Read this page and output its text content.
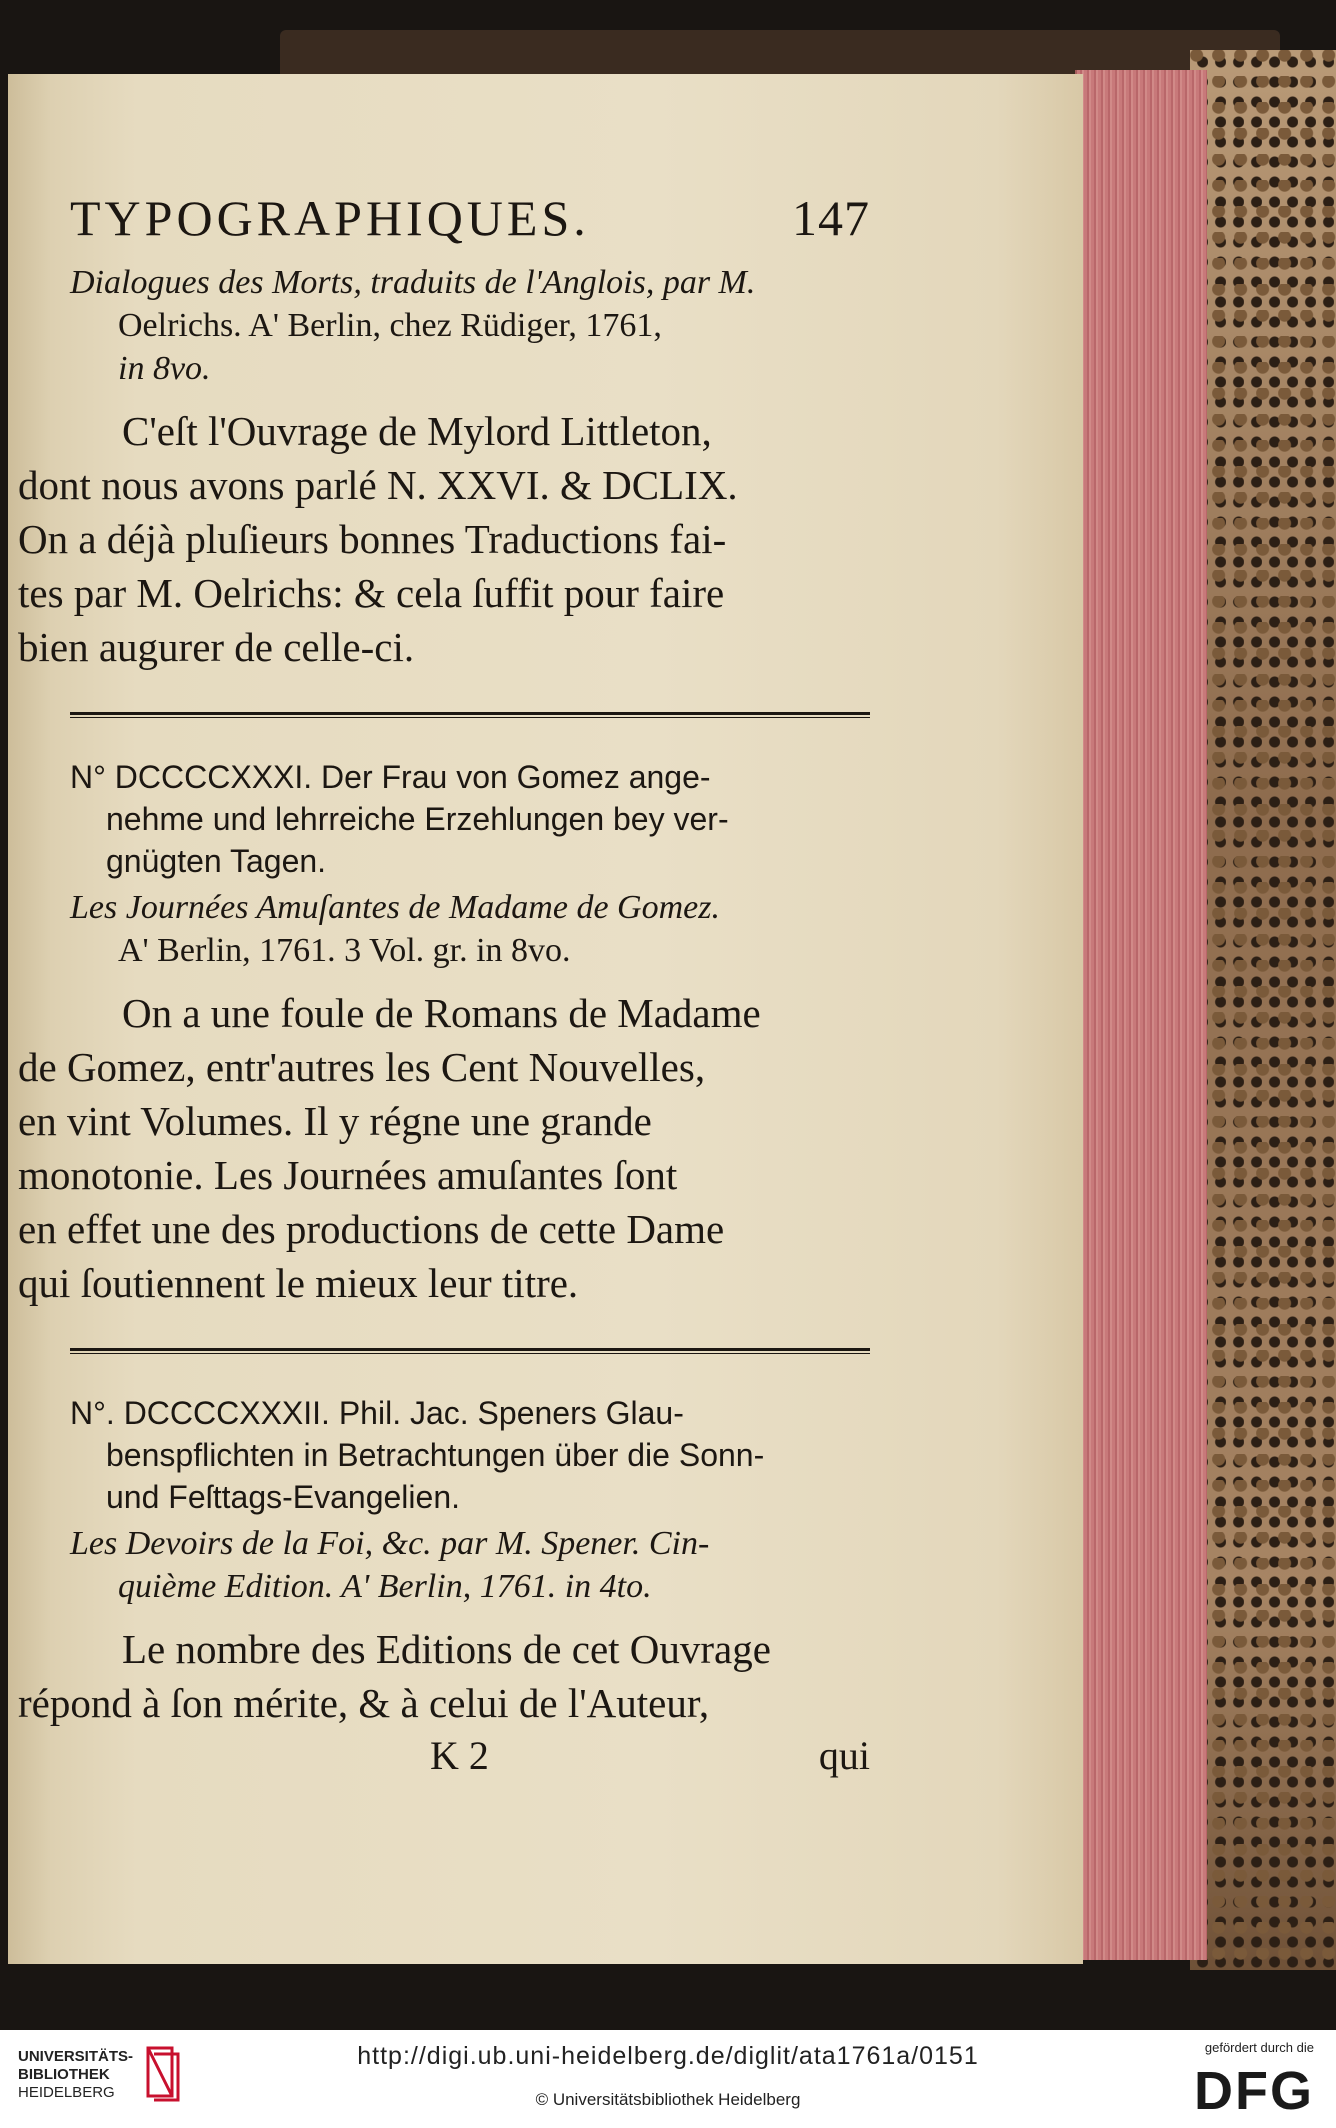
TYPOGRAPHIQUES.	147

Dialogues des Morts, traduits de l'Anglois, par M.
Oelrichs. A' Berlin, chez Rüdiger, 1761,
in 8vo.

C'eſt l'Ouvrage de Mylord Littleton,
dont nous avons parlé N. XXVI. & DCLIX.
On a déjà pluſieurs bonnes Traductions fai-
tes par M. Oelrichs: & cela ſuffit pour faire
bien augurer de celle-ci.

N° DCCCCXXXI. Der Frau von Gomez ange-
nehme und lehrreiche Erzehlungen bey ver-
gnügten Tagen.

Les Journées Amuſantes de Madame de Gomez.
A' Berlin, 1761. 3 Vol. gr. in 8vo.

On a une foule de Romans de Madame
de Gomez, entr'autres les Cent Nouvelles,
en vint Volumes. Il y régne une grande
monotonie. Les Journées amuſantes ſont
en effet une des productions de cette Dame
qui ſoutiennent le mieux leur titre.

N°. DCCCCXXXII. Phil. Jac. Speners Glau-
benspflichten in Betrachtungen über die Sonn-
und Feſttags-Evangelien.

Les Devoirs de la Foi, &c. par M. Spener. Cin-
quième Edition. A' Berlin, 1761. in 4to.

Le nombre des Editions de cet Ouvrage
répond à ſon mérite, & à celui de l'Auteur,

K 2	qui
UNIVERSITÄTS-
BIBLIOTHEK
HEIDELBERG
http://digi.ub.uni-heidelberg.de/diglit/ata1761a/0151
© Universitätsbibliothek Heidelberg
gefördert durch die
DFG
